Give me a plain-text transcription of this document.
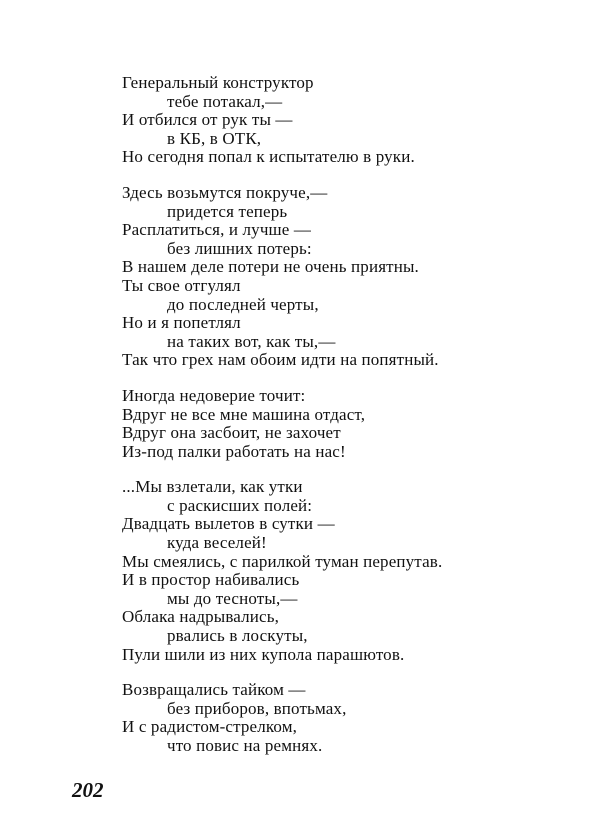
Генеральный конструктор
тебе потакал,—
И отбился от рук ты —
в КБ, в ОТК,
Но сегодня попал к испытателю в руки.
Здесь возьмутся покруче,—
придется теперь
Расплатиться, и лучше —
без лишних потерь:
В нашем деле потери не очень приятны.
Ты свое отгулял
до последней черты,
Но и я попетлял
на таких вот, как ты,—
Так что грех нам обоим идти на попятный.
Иногда недоверие точит:
Вдруг не все мне машина отдаст,
Вдруг она засбоит, не захочет
Из-под палки работать на нас!
...Мы взлетали, как утки
с раскисших полей:
Двадцать вылетов в сутки —
куда веселей!
Мы смеялись, с парилкой туман перепутав.
И в простор набивались
мы до тесноты,—
Облака надрывались,
рвались в лоскуты,
Пули шили из них купола парашютов.
Возвращались тайком —
без приборов, впотьмах,
И с радистом-стрелком,
что повис на ремнях.
202
